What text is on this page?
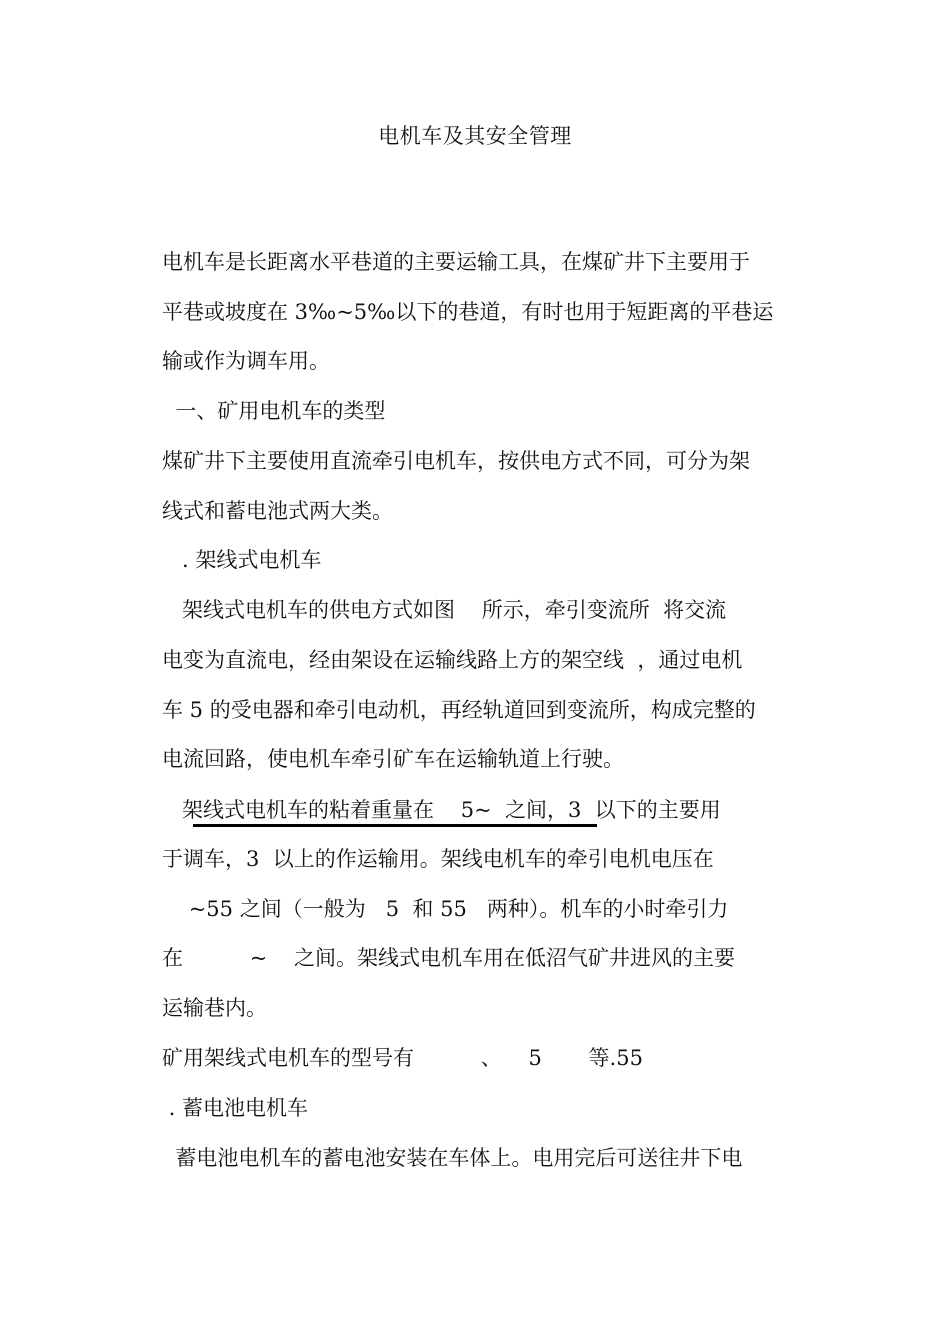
电机车及其安全管理
电机车是长距离水平巷道的主要运输工具，在煤矿井下主要用于
平巷或坡度在 3‰~5‰以下的巷道，有时也用于短距离的平巷运
输或作为调车用。
一、矿用电机车的类型
煤矿井下主要使用直流牵引电机车，按供电方式不同，可分为架
线式和蓄电池式两大类。
. 架线式电机车
架线式电机车的供电方式如图    所示，牵引变流所  将交流
电变为直流电，经由架设在运输线路上方的架空线  ，通过电机
车 5 的受电器和牵引电动机，再经轨道回到变流所，构成完整的
电流回路，使电机车牵引矿车在运输轨道上行驶。
架线式电机车的粘着重量在    5~  之间，3  以下的主要用
于调车，3  以上的作运输用。架线电机车的牵引电机电压在
~55 之间（一般为   5  和 55   两种）。机车的小时牵引力
在          ~    之间。架线式电机车用在低沼气矿井进风的主要
运输巷内。
矿用架线式电机车的型号有          、    5       等.55
. 蓄电池电机车
蓄电池电机车的蓄电池安装在车体上。电用完后可送往井下电
